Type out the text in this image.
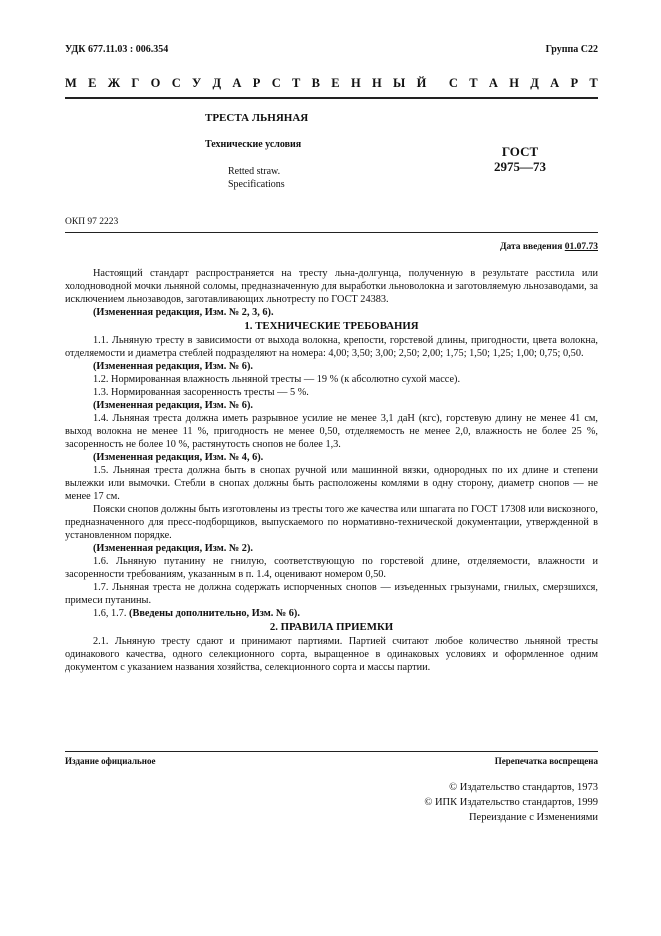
УДК 677.11.03 : 006.354	Группа С22
М Е Ж Г О С У Д А Р С Т В Е Н Н Ы Й С Т А Н Д А Р Т
ТРЕСТА ЛЬНЯНАЯ
Технические условия
Retted straw.
Specifications
ГОСТ
2975—73
ОКП 97 2223
Дата введения 01.07.73

Настоящий стандарт распространяется на тресту льна-долгунца, полученную в результате расстила или холодноводной мочки льняной соломы, предназначенную для выработки льноволокна и заготовляемую льнозаводами, за исключением льнозаводов, заготавливающих льнотресту по ГОСТ 24383.

(Измененная редакция, Изм. № 2, 3, 6).

1. ТЕХНИЧЕСКИЕ ТРЕБОВАНИЯ

1.1. Льняную тресту в зависимости от выхода волокна, крепости, горстевой длины, пригодности, цвета волокна, отделяемости и диаметра стеблей подразделяют на номера: 4,00; 3,50; 3,00; 2,50; 2,00; 1,75; 1,50; 1,25; 1,00; 0,75; 0,50.

(Измененная редакция, Изм. № 6).

1.2. Нормированная влажность льняной тресты — 19 % (к абсолютно сухой массе).

1.3. Нормированная засоренность тресты — 5 %.

(Измененная редакция, Изм. № 6).

1.4. Льняная треста должна иметь разрывное усилие не менее 3,1 даН (кгс), горстевую длину не менее 41 см, выход волокна не менее 11 %, пригодность не менее 0,50, отделяемость не менее 2,0, влажность не более 25 %, засоренность не более 10 %, растянутость снопов не более 1,3.

(Измененная редакция, Изм. № 4, 6).

1.5. Льняная треста должна быть в снопах ручной или машинной вязки, однородных по их длине и степени вылежки или вымочки. Стебли в снопах должны быть расположены комлями в одну сторону, диаметр снопов — не менее 17 см.

Пояски снопов должны быть изготовлены из тресты того же качества или шпагата по ГОСТ 17308 или вискозного, предназначенного для пресс-подборщиков, выпускаемого по нормативно-технической документации, утвержденной в установленном порядке.

(Измененная редакция, Изм. № 2).

1.6. Льняную путанину не гнилую, соответствующую по горстевой длине, отделяемости, влажности и засоренности требованиям, указанным в п. 1.4, оценивают номером 0,50.

1.7. Льняная треста не должна содержать испорченных снопов — изъеденных грызунами, гнилых, смерзшихся, примеси путанины.

1.6, 1.7. (Введены дополнительно, Изм. № 6).

2. ПРАВИЛА ПРИЕМКИ

2.1. Льняную тресту сдают и принимают партиями. Партией считают любое количество льняной тресты одинакового качества, одного селекционного сорта, выращенное в одинаковых условиях и оформленное одним документом с указанием названия хозяйства, селекционного сорта и массы партии.

Издание официальное	Перепечатка воспрещена
© Издательство стандартов, 1973
© ИПК Издательство стандартов, 1999
Переиздание с Изменениями
